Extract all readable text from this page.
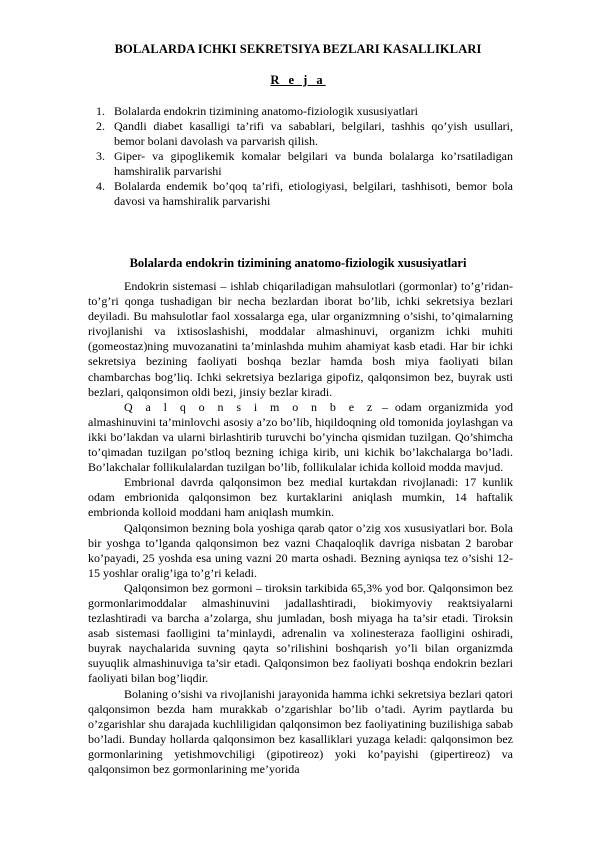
BOLALARDA ICHKI SEKRETSIYA BEZLARI KASALLIKLARI
R e j a
1. Bolalarda endokrin tizimining anatomo-fiziologik xususiyatlari
2. Qandli diabet kasalligi ta’rifi va sabablari, belgilari, tashhis qo’yish usullari, bemor bolani davolash va parvarish qilish.
3. Giper- va gipoglikemik komalar belgilari va bunda bolalarga ko’rsatiladigan hamshiralik parvarishi
4. Bolalarda endemik bo’qoq ta’rifi, etiologiyasi, belgilari, tashhisoti, bemor bola davosi va hamshiralik parvarishi
Bolalarda endokrin tizimining anatomo-fiziologik xususiyatlari

Endokrin sistemasi – ishlab chiqariladigan mahsulotlari (gormonlar) to’g’ridan-to’g’ri qonga tushadigan bir necha bezlardan iborat bo’lib, ichki sekretsiya bezlari deyiladi. Bu mahsulotlar faol xossalarga ega, ular organizmning o’sishi, to’qimalarning rivojlanishi va ixtisoslashishi, moddalar almashinuvi, organizm ichki muhiti (gomeostaz)ning muvozanatini ta’minlashda muhim ahamiyat kasb etadi. Har bir ichki sekretsiya bezining faoliyati boshqa bezlar hamda bosh miya faoliyati bilan chambarchas bog’liq. Ichki sekretsiya bezlariga gipofiz, qalqonsimon bez, buyrak usti bezlari, qalqonsimon oldi bezi, jinsiy bezlar kiradi.

Q a l q o n s i m o n b e z – odam organizmida yod almashinuvini ta’minlovchi asosiy a’zo bo’lib, hiqildoqning old tomonida joylashgan va ikki bo’lakdan va ularni birlashtirib turuvchi bo’yincha qismidan tuzilgan. Qo’shimcha to’qimadan tuzilgan po’stloq bezning ichiga kirib, uni kichik bo’lakchalarga bo’ladi. Bo’lakchalar follikulalardan tuzilgan bo’lib, follikulalar ichida kolloid modda mavjud.

Embrional davrda qalqonsimon bez medial kurtakdan rivojlanadi: 17 kunlik odam embrionida qalqonsimon bez kurtaklarini aniqlash mumkin, 14 haftalik embrionda kolloid moddani ham aniqlash mumkin.

Qalqonsimon bezning bola yoshiga qarab qator o’zig xos xususiyatlari bor. Bola bir yoshga to’lganda qalqonsimon bez vazni Chaqaloqlik davriga nisbatan 2 barobar ko’payadi, 25 yoshda esa uning vazni 20 marta oshadi. Bezning ayniqsa tez o’sishi 12-15 yoshlar oralig’iga to’g’ri keladi.

Qalqonsimon bez gormoni – tiroksin tarkibida 65,3% yod bor. Qalqonsimon bez gormonlarimoddalar almashinuvini jadallashtiradi, biokimyoviy reaktsiyalarni tezlashtiradi va barcha a’zolarga, shu jumladan, bosh miyaga ha ta’sir etadi. Tiroksin asab sistemasi faolligini ta’minlaydi, adrenalin va xolinesteraza faolligini oshiradi, buyrak naychalarida suvning qayta so’rilishini boshqarish yo’li bilan organizmda suyuqlik almashinuviga ta’sir etadi. Qalqonsimon bez faoliyati boshqa endokrin bezlari faoliyati bilan bog’liqdir.

Bolaning o’sishi va rivojlanishi jarayonida hamma ichki sekretsiya bezlari qatori qalqonsimon bezda ham murakkab o’zgarishlar bo’lib o’tadi. Ayrim paytlarda bu o’zgarishlar shu darajada kuchliligidan qalqonsimon bez faoliyatining buzilishiga sabab bo’ladi. Bunday hollarda qalqonsimon bez kasalliklari yuzaga keladi: qalqonsimon bez gormonlarining yetishmovchiligi (gipotireoz) yoki ko’payishi (gipertireoz) va qalqonsimon bez gormonlarining me’yorida
